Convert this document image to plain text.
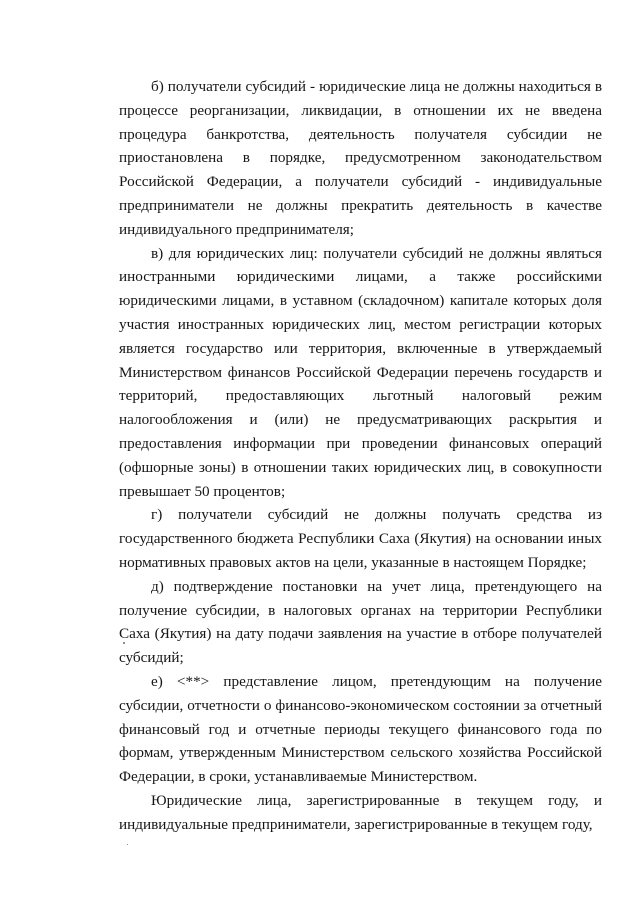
б) получатели субсидий - юридические лица не должны находиться в процессе реорганизации, ликвидации, в отношении их не введена процедура банкротства, деятельность получателя субсидии не приостановлена в порядке, предусмотренном законодательством Российской Федерации, а получатели субсидий - индивидуальные предприниматели не должны прекратить деятельность в качестве индивидуального предпринимателя;

в) для юридических лиц: получатели субсидий не должны являться иностранными юридическими лицами, а также российскими юридическими лицами, в уставном (складочном) капитале которых доля участия иностранных юридических лиц, местом регистрации которых является государство или территория, включенные в утверждаемый Министерством финансов Российской Федерации перечень государств и территорий, предоставляющих льготный налоговый режим налогообложения и (или) не предусматривающих раскрытия и предоставления информации при проведении финансовых операций (офшорные зоны) в отношении таких юридических лиц, в совокупности превышает 50 процентов;

г) получатели субсидий не должны получать средства из государственного бюджета Республики Саха (Якутия) на основании иных нормативных правовых актов на цели, указанные в настоящем Порядке;

д) подтверждение постановки на учет лица, претендующего на получение субсидии, в налоговых органах на территории Республики Саха (Якутия) на дату подачи заявления на участие в отборе получателей субсидий;

е) <**> представление лицом, претендующим на получение субсидии, отчетности о финансово-экономическом состоянии за отчетный финансовый год и отчетные периоды текущего финансового года по формам, утвержденным Министерством сельского хозяйства Российской Федерации, в сроки, устанавливаемые Министерством.

Юридические лица, зарегистрированные в текущем году, и индивидуальные предприниматели, зарегистрированные в текущем году,
